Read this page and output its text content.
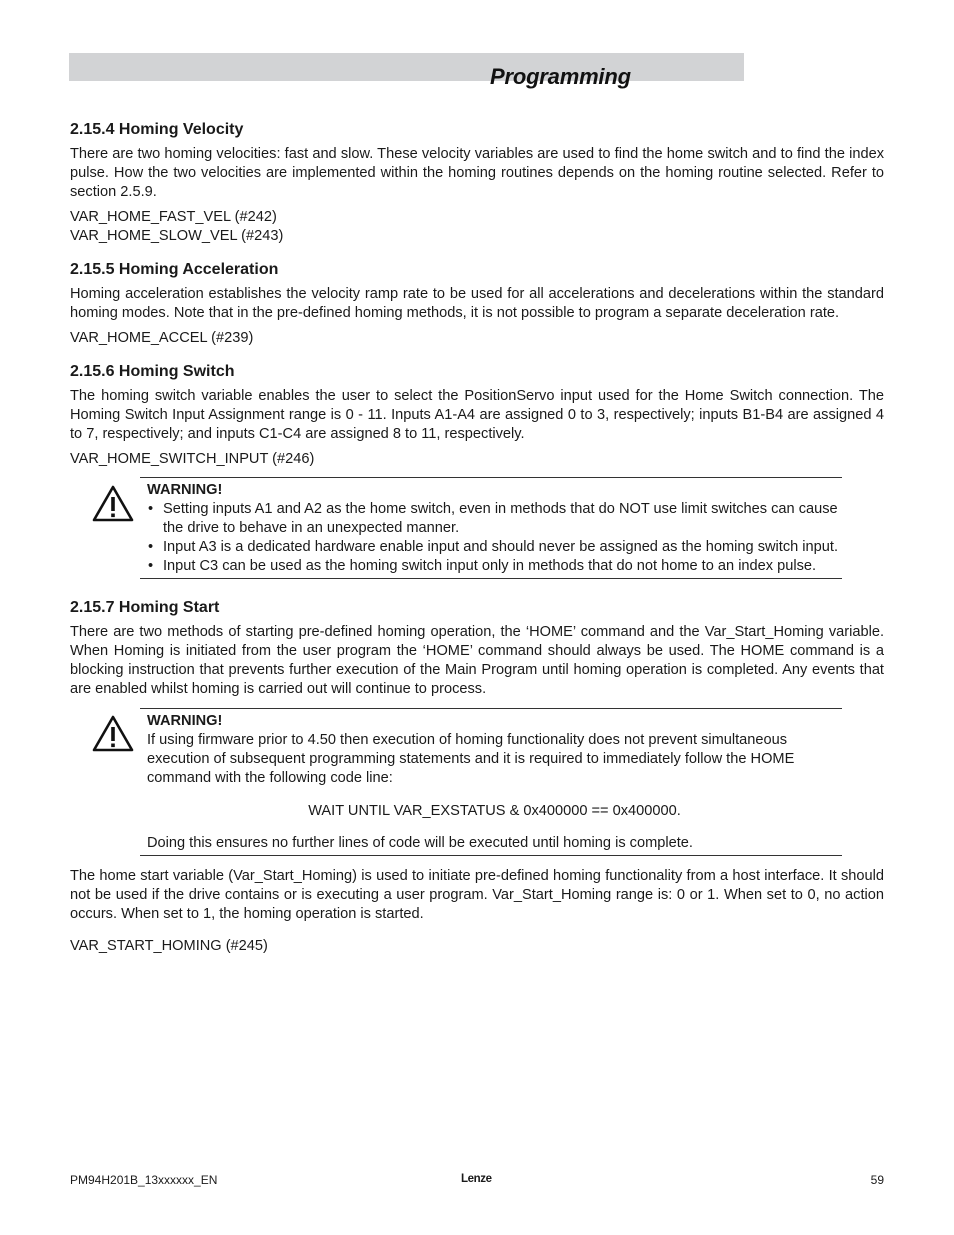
Programming
2.15.4 Homing Velocity

There are two homing velocities: fast and slow. These velocity variables are used to find the home switch and to find the index pulse. How the two velocities are implemented within the homing routines depends on the homing routine selected. Refer to section 2.5.9.

VAR_HOME_FAST_VEL (#242)
VAR_HOME_SLOW_VEL (#243)
2.15.5 Homing Acceleration

Homing acceleration establishes the velocity ramp rate to be used for all accelerations and decelerations within the standard homing modes. Note that in the pre-defined homing methods, it is not possible to program a separate deceleration rate.

VAR_HOME_ACCEL (#239)
2.15.6 Homing Switch

The homing switch variable enables the user to select the PositionServo input used for the Home Switch connection. The Homing Switch Input Assignment range is 0 - 11. Inputs A1-A4 are assigned 0 to 3, respectively; inputs B1-B4 are assigned 4 to 7, respectively; and inputs C1-C4 are assigned 8 to 11, respectively.

VAR_HOME_SWITCH_INPUT (#246)
WARNING!
• Setting inputs A1 and A2 as the home switch, even in methods that do NOT use limit switches can cause the drive to behave in an unexpected manner.
• Input A3 is a dedicated hardware enable input and should never be assigned as the homing switch input.
• Input C3 can be used as the homing switch input only in methods that do not home to an index pulse.
2.15.7 Homing Start

There are two methods of starting pre-defined homing operation, the ‘HOME’ command and the Var_Start_Homing variable. When Homing is initiated from the user program the ‘HOME’ command should always be used. The HOME command is a blocking instruction that prevents further execution of the Main Program until homing operation is completed. Any events that are enabled whilst homing is carried out will continue to process.

WARNING!
If using firmware prior to 4.50 then execution of homing functionality does not prevent simultaneous execution of subsequent programming statements and it is required to immediately follow the HOME command with the following code line:
WAIT UNTIL VAR_EXSTATUS & 0x400000 == 0x400000.
Doing this ensures no further lines of code will be executed until homing is complete.

The home start variable (Var_Start_Homing) is used to initiate pre-defined homing functionality from a host interface. It should not be used if the drive contains or is executing a user program. Var_Start_Homing range is: 0 or 1. When set to 0, no action occurs. When set to 1, the homing operation is started.

VAR_START_HOMING (#245)
PM94H201B_13xxxxxx_EN	Lenze	59
